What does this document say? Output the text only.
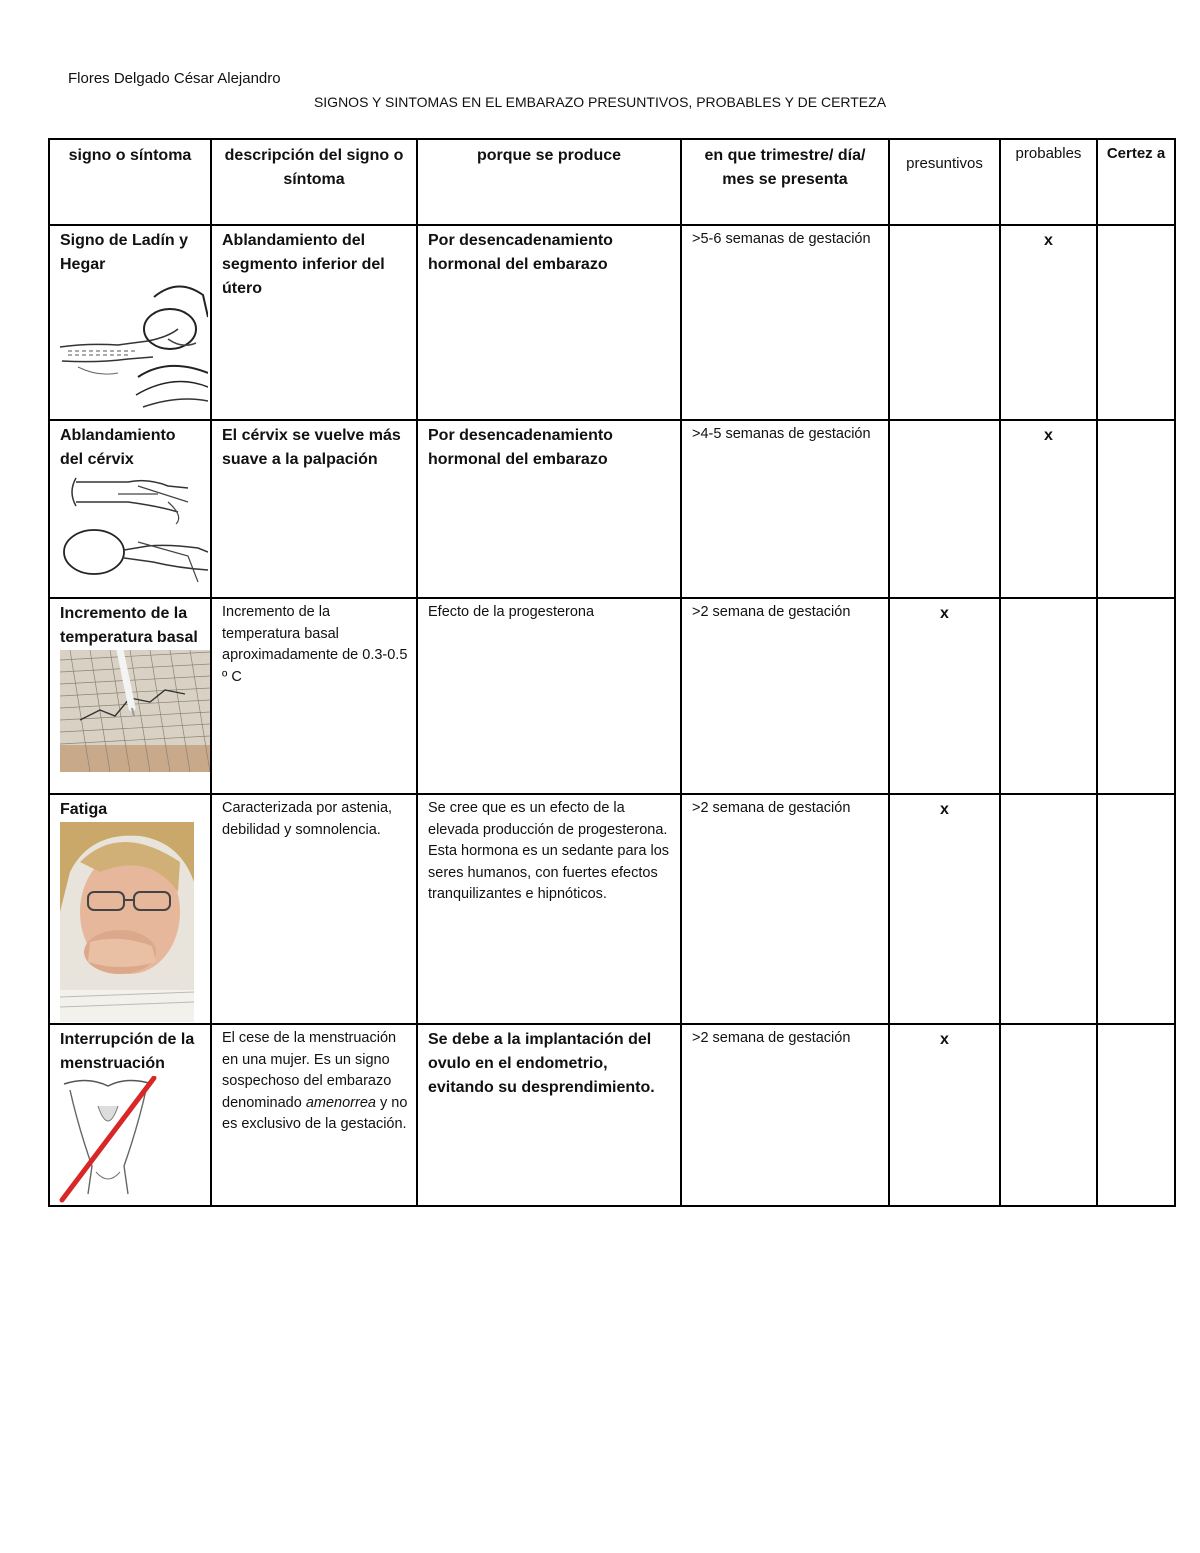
Flores Delgado César Alejandro
SIGNOS Y SINTOMAS EN EL EMBARAZO PRESUNTIVOS, PROBABLES Y DE CERTEZA
signo o síntoma	descripción del signo o síntoma	porque se produce	en que trimestre/ día/ mes se presenta	presuntivos	probables	Certez a

Signo de Ladín y Hegar	Ablandamiento del segmento inferior del útero	Por desencadenamiento hormonal del embarazo	>5-6 semanas de gestación		x	

Ablandamiento del cérvix	El cérvix se vuelve más suave a la palpación	Por desencadenamiento hormonal del embarazo	>4-5 semanas de gestación		x	

Incremento de la temperatura basal	Incremento de la temperatura basal aproximadamente de 0.3-0.5 º C	Efecto de la progesterona	>2 semana de gestación	x		

Fatiga	Caracterizada por astenia, debilidad y somnolencia.	Se cree que es un efecto de la elevada producción de progesterona. Esta hormona es un sedante para los seres humanos, con fuertes efectos tranquilizantes e hipnóticos.	>2 semana de gestación	x		

Interrupción de la menstruación	El cese de la menstruación en una mujer. Es un signo sospechoso del embarazo denominado amenorrea y no es exclusivo de la gestación.	Se debe a la implantación del ovulo en el endometrio, evitando su desprendimiento.	>2 semana de gestación	x		
